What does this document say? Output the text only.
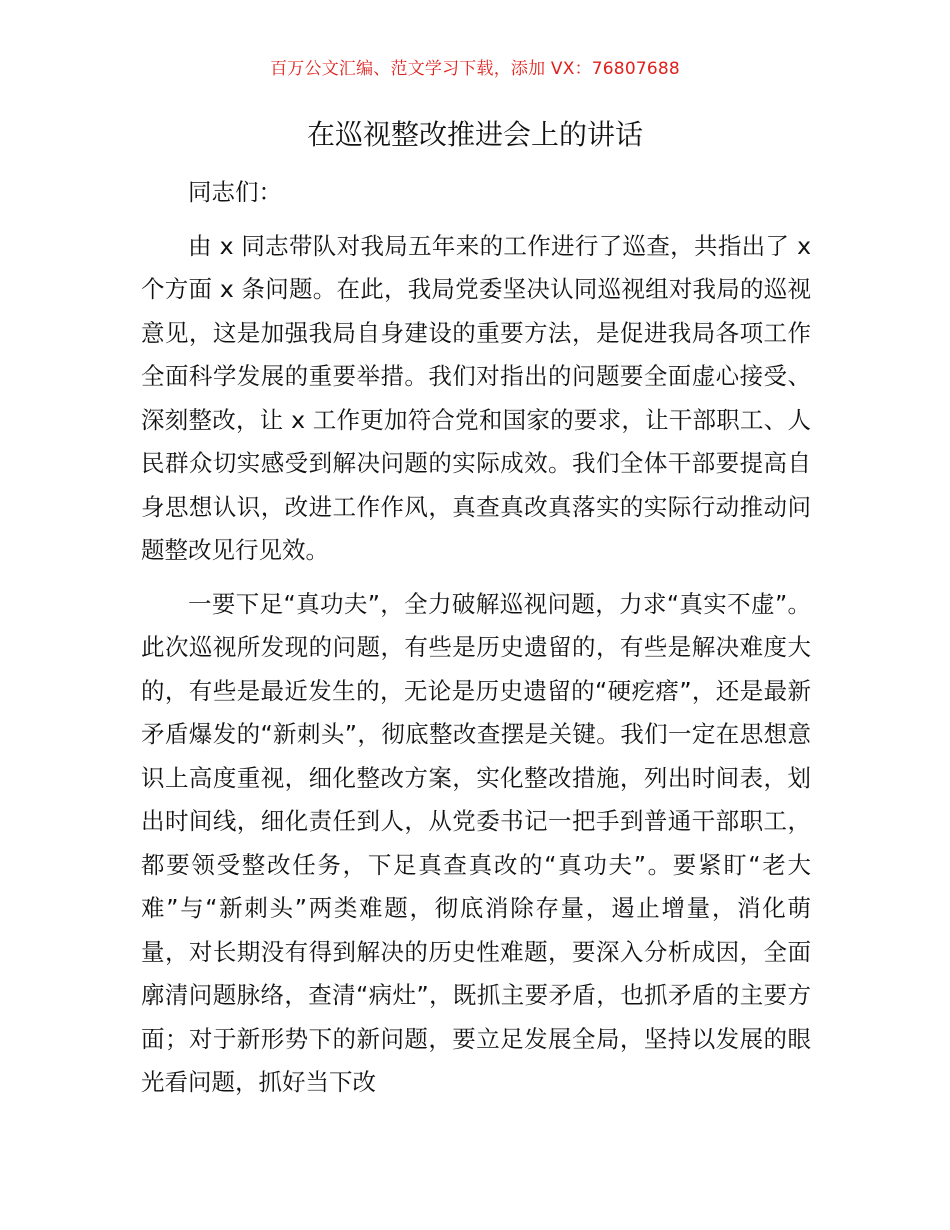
百万公文汇编、范文学习下载，添加 VX：76807688
在巡视整改推进会上的讲话

同志们：

由 x 同志带队对我局五年来的工作进行了巡查，共指出了 x 个方面 x 条问题。在此，我局党委坚决认同巡视组对我局的巡视意见，这是加强我局自身建设的重要方法，是促进我局各项工作全面科学发展的重要举措。我们对指出的问题要全面虚心接受、深刻整改，让 x 工作更加符合党和国家的要求，让干部职工、人民群众切实感受到解决问题的实际成效。我们全体干部要提高自身思想认识，改进工作作风，真查真改真落实的实际行动推动问题整改见行见效。

一要下足“真功夫”，全力破解巡视问题，力求“真实不虚”。此次巡视所发现的问题，有些是历史遗留的，有些是解决难度大的，有些是最近发生的，无论是历史遗留的“硬疙瘩”，还是最新矛盾爆发的“新刺头”，彻底整改查摆是关键。我们一定在思想意识上高度重视，细化整改方案，实化整改措施，列出时间表，划出时间线，细化责任到人，从党委书记一把手到普通干部职工，都要领受整改任务，下足真查真改的“真功夫”。要紧盯“老大难”与“新刺头”两类难题，彻底消除存量，遏止增量，消化萌量，对长期没有得到解决的历史性难题，要深入分析成因，全面廓清问题脉络，查清“病灶”，既抓主要矛盾，也抓矛盾的主要方面；对于新形势下的新问题，要立足发展全局，坚持以发展的眼光看问题，抓好当下改
